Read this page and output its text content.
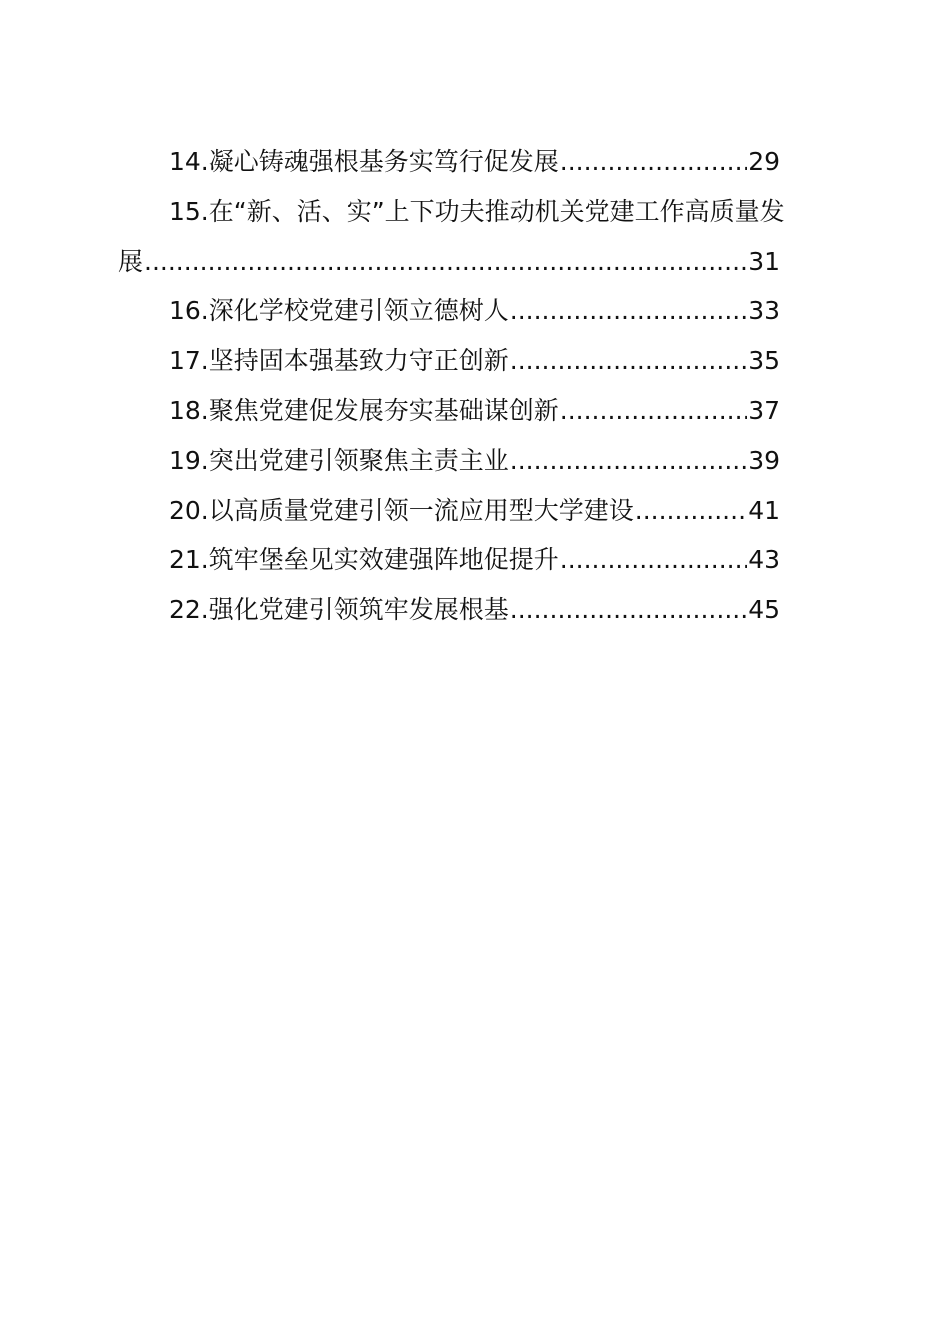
14.凝心铸魂强根基务实笃行促发展 .....	29
15.在“新、活、实”上下功夫推动机关党建工作高质量发
展 .....	31
16.深化学校党建引领立德树人 .....	33
17.坚持固本强基致力守正创新 .....	35
18.聚焦党建促发展夯实基础谋创新 .....	37
19.突出党建引领聚焦主责主业 .....	39
20.以高质量党建引领一流应用型大学建设 .....	41
21.筑牢堡垒见实效建强阵地促提升 .....	43
22.强化党建引领筑牢发展根基 .....	45
